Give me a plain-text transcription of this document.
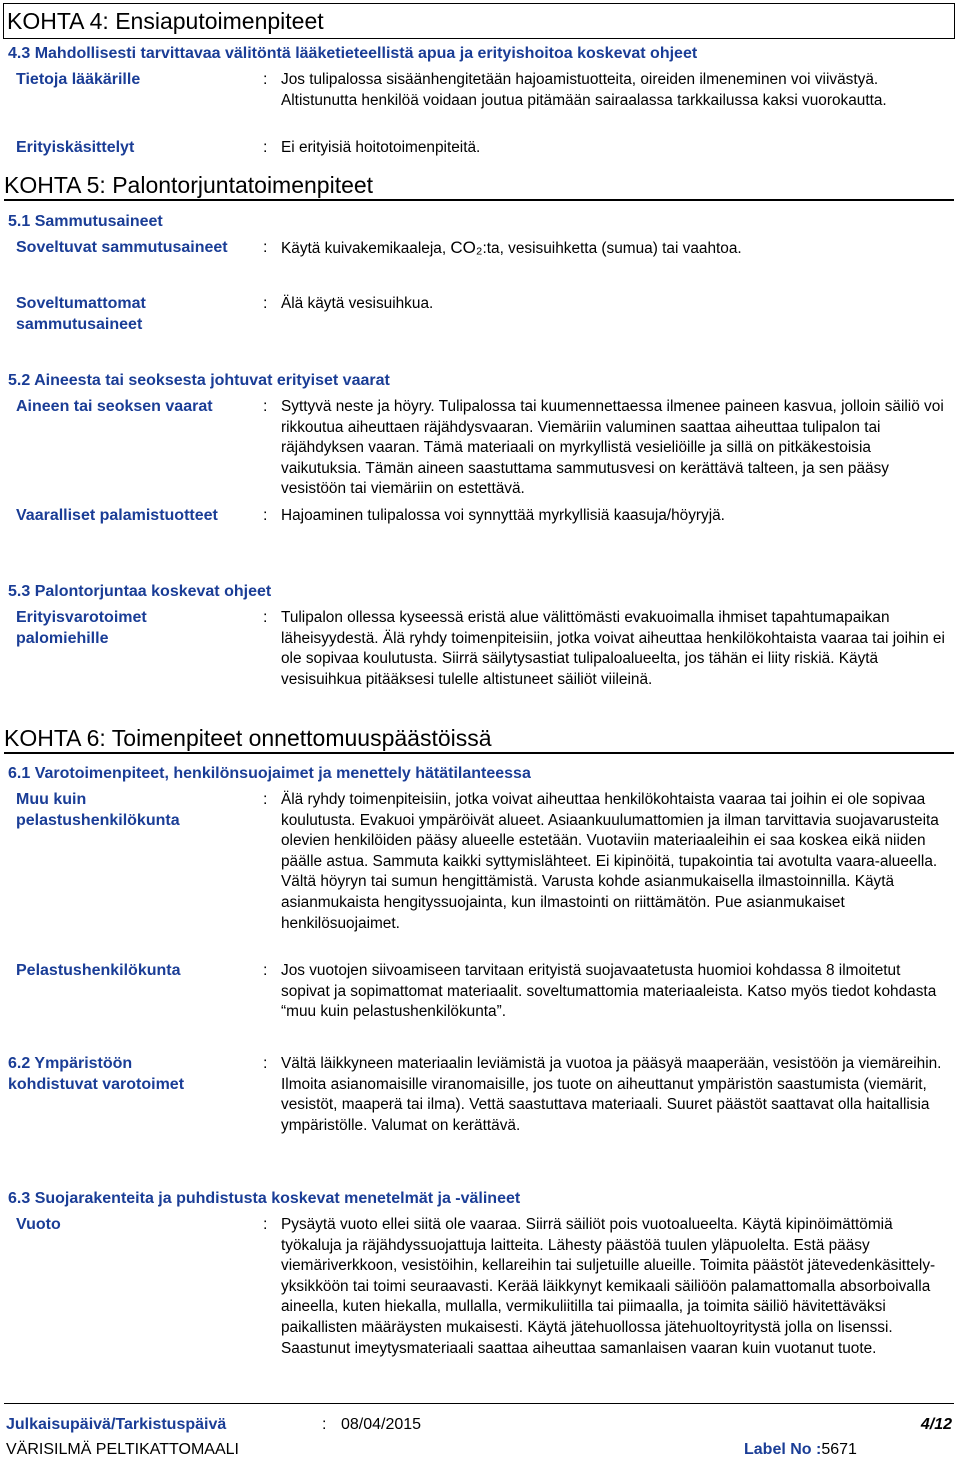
KOHTA 4: Ensiaputoimenpiteet
4.3 Mahdollisesti tarvittavaa välitöntä lääketieteellistä apua ja erityishoitoa koskevat ohjeet
Tietoja lääkärille	: Jos tulipalossa sisäänhengitetään hajoamistuotteita, oireiden ilmeneminen voi viivästyä. Altistunutta henkilöä voidaan joutua pitämään sairaalassa tarkkailussa kaksi vuorokautta.
Erityiskäsittelyt	: Ei erityisiä hoitotoimenpiteitä.
KOHTA 5: Palontorjuntatoimenpiteet
5.1 Sammutusaineet
Soveltuvat sammutusaineet	: Käytä kuivakemikaaleja, CO₂:ta, vesisuihketta (sumua) tai vaahtoa.
Soveltumattomat sammutusaineet
: Älä käytä vesisuihkua.
5.2 Aineesta tai seoksesta johtuvat erityiset vaarat
Aineen tai seoksen vaarat	: Syttyvä neste ja höyry. Tulipalossa tai kuumennettaessa ilmenee paineen kasvua, jolloin säiliö voi rikkoutua aiheuttaen räjähdysvaaran. Viemäriin valuminen saattaa aiheuttaa tulipalon tai räjähdyksen vaaran. Tämä materiaali on myrkyllistä vesieliöille ja sillä on pitkäkestoisia vaikutuksia. Tämän aineen saastuttama sammutusvesi on kerättävä talteen, ja sen pääsy vesistöön tai viemäriin on estettävä.
Vaaralliset palamistuotteet	: Hajoaminen tulipalossa voi synnyttää myrkyllisiä kaasuja/höyryjä.
5.3 Palontorjuntaa koskevat ohjeet
Erityisvarotoimet palomiehille
: Tulipalon ollessa kyseessä eristä alue välittömästi evakuoimalla ihmiset tapahtumapaikan läheisyydestä. Älä ryhdy toimenpiteisiin, jotka voivat aiheuttaa henkilökohtaista vaaraa tai joihin ei ole sopivaa koulutusta. Siirrä säilytysastiat tulipaloalueelta, jos tähän ei liity riskiä. Käytä vesisuihkua pitääksesi tulelle altistuneet säiliöt viileinä.
KOHTA 6: Toimenpiteet onnettomuuspäästöissä
6.1 Varotoimenpiteet, henkilönsuojaimet ja menettely hätätilanteessa
Muu kuin pelastushenkilökunta
: Älä ryhdy toimenpiteisiin, jotka voivat aiheuttaa henkilökohtaista vaaraa tai joihin ei ole sopivaa koulutusta. Evakuoi ympäröivät alueet. Asiaankuulumattomien ja ilman tarvittavia suojavarusteita olevien henkilöiden pääsy alueelle estetään. Vuotaviin materiaaleihin ei saa koskea eikä niiden päälle astua. Sammuta kaikki syttymislähteet. Ei kipinöitä, tupakointia tai avotulta vaara-alueella. Vältä höyryn tai sumun hengittämistä. Varusta kohde asianmukaisella ilmastoinnilla. Käytä asianmukaista hengityssuojainta, kun ilmastointi on riittämätön. Pue asianmukaiset henkilösuojaimet.
Pelastushenkilökunta	: Jos vuotojen siivoamiseen tarvitaan erityistä suojavaatetusta huomioi kohdassa 8 ilmoitetut sopivat ja sopimattomat materiaalit. soveltumattomia materiaaleista. Katso myös tiedot kohdasta “muu kuin pelastushenkilökunta”.
6.2 Ympäristöön kohdistuvat varotoimet
: Vältä läikkyneen materiaalin leviämistä ja vuotoa ja pääsyä maaperään, vesistöön ja viemäreihin. Ilmoita asianomaisille viranomaisille, jos tuote on aiheuttanut ympäristön saastumista (viemärit, vesistöt, maaperä tai ilma). Vettä saastuttava materiaali. Suuret päästöt saattavat olla haitallisia ympäristölle. Valumat on kerättävä.
6.3 Suojarakenteita ja puhdistusta koskevat menetelmät ja -välineet
Vuoto	: Pysäytä vuoto ellei siitä ole vaaraa. Siirrä säiliöt pois vuotoalueelta. Käytä kipinöimättömiä työkaluja ja räjähdyssuojattuja laitteita. Lähesty päästöä tuulen yläpuolelta. Estä pääsy viemäriverkkoon, vesistöihin, kellareihin tai suljetuille alueille. Toimita päästöt jätevedenkäsittely-yksikköön tai toimi seuraavasti. Kerää läikkynyt kemikaali säiliöön palamattomalla absorboivalla aineella, kuten hiekalla, mullalla, vermikuliitilla tai piimaalla, ja toimita säiliö hävitettäväksi paikallisten määräysten mukaisesti. Käytä jätehuollossa jätehuoltoyritystä jolla on lisenssi. Saastunut imeytysmateriaali saattaa aiheuttaa samanlaisen vaaran kuin vuotanut tuote.
Julkaisupäivä/Tarkistuspäivä	: 08/04/2015	4/12
VÄRISILMÄ PELTIKATTOMAALI	Label No :5671
